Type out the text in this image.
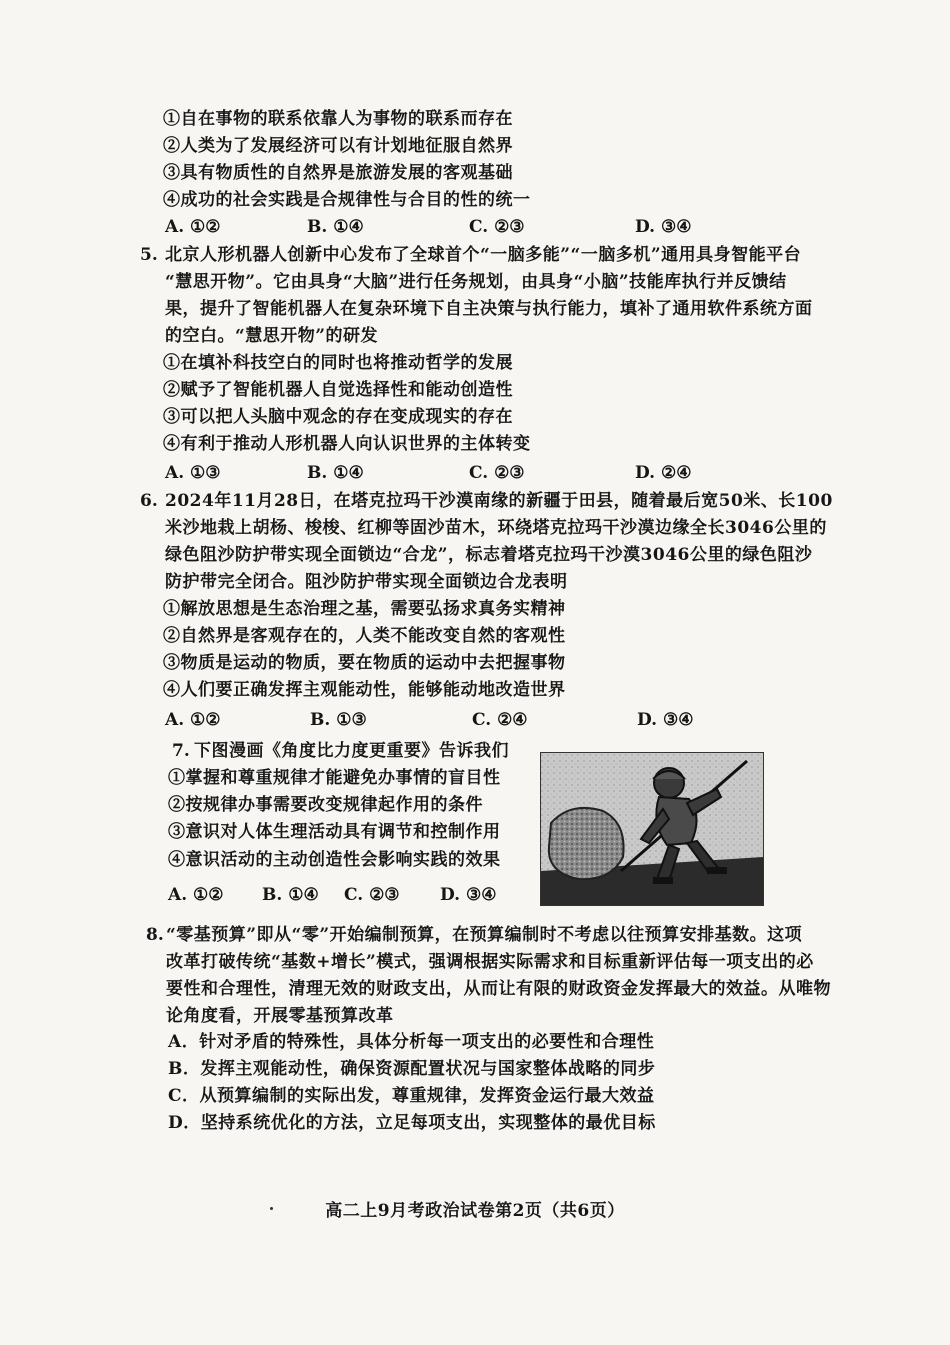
①自在事物的联系依靠人为事物的联系而存在
②人类为了发展经济可以有计划地征服自然界
③具有物质性的自然界是旅游发展的客观基础
④成功的社会实践是合规律性与合目的性的统一
A. ①②	B. ①④	C. ②③	D. ③④
5. 北京人形机器人创新中心发布了全球首个“一脑多能”“一脑多机”通用具身智能平台
“慧思开物”。它由具身“大脑”进行任务规划，由具身“小脑”技能库执行并反馈结
果，提升了智能机器人在复杂环境下自主决策与执行能力，填补了通用软件系统方面
的空白。“慧思开物”的研发
①在填补科技空白的同时也将推动哲学的发展
②赋予了智能机器人自觉选择性和能动创造性
③可以把人头脑中观念的存在变成现实的存在
④有利于推动人形机器人向认识世界的主体转变
A. ①③	B. ①④	C. ②③	D. ②④
6. 2024年11月28日，在塔克拉玛干沙漠南缘的新疆于田县，随着最后宽50米、长100
米沙地栽上胡杨、梭梭、红柳等固沙苗木，环绕塔克拉玛干沙漠边缘全长3046公里的
绿色阻沙防护带实现全面锁边“合龙”，标志着塔克拉玛干沙漠3046公里的绿色阻沙
防护带完全闭合。阻沙防护带实现全面锁边合龙表明
①解放思想是生态治理之基，需要弘扬求真务实精神
②自然界是客观存在的，人类不能改变自然的客观性
③物质是运动的物质，要在物质的运动中去把握事物
④人们要正确发挥主观能动性，能够能动地改造世界
A. ①②	B. ①③	C. ②④	D. ③④
7. 下图漫画《角度比力度更重要》告诉我们
①掌握和尊重规律才能避免办事情的盲目性
②按规律办事需要改变规律起作用的条件
③意识对人体生理活动具有调节和控制作用
④意识活动的主动创造性会影响实践的效果
A. ①② B. ①④ C. ②③ D. ③④
8. “零基预算”即从“零”开始编制预算，在预算编制时不考虑以往预算安排基数。这项
改革打破传统“基数+增长”模式，强调根据实际需求和目标重新评估每一项支出的必
要性和合理性，清理无效的财政支出，从而让有限的财政资金发挥最大的效益。从唯物
论角度看，开展零基预算改革
A．针对矛盾的特殊性，具体分析每一项支出的必要性和合理性
B．发挥主观能动性，确保资源配置状况与国家整体战略的同步
C．从预算编制的实际出发，尊重规律，发挥资金运行最大效益
D．坚持系统优化的方法，立足每项支出，实现整体的最优目标
高二上9月考政治试卷第2页（共6页）
